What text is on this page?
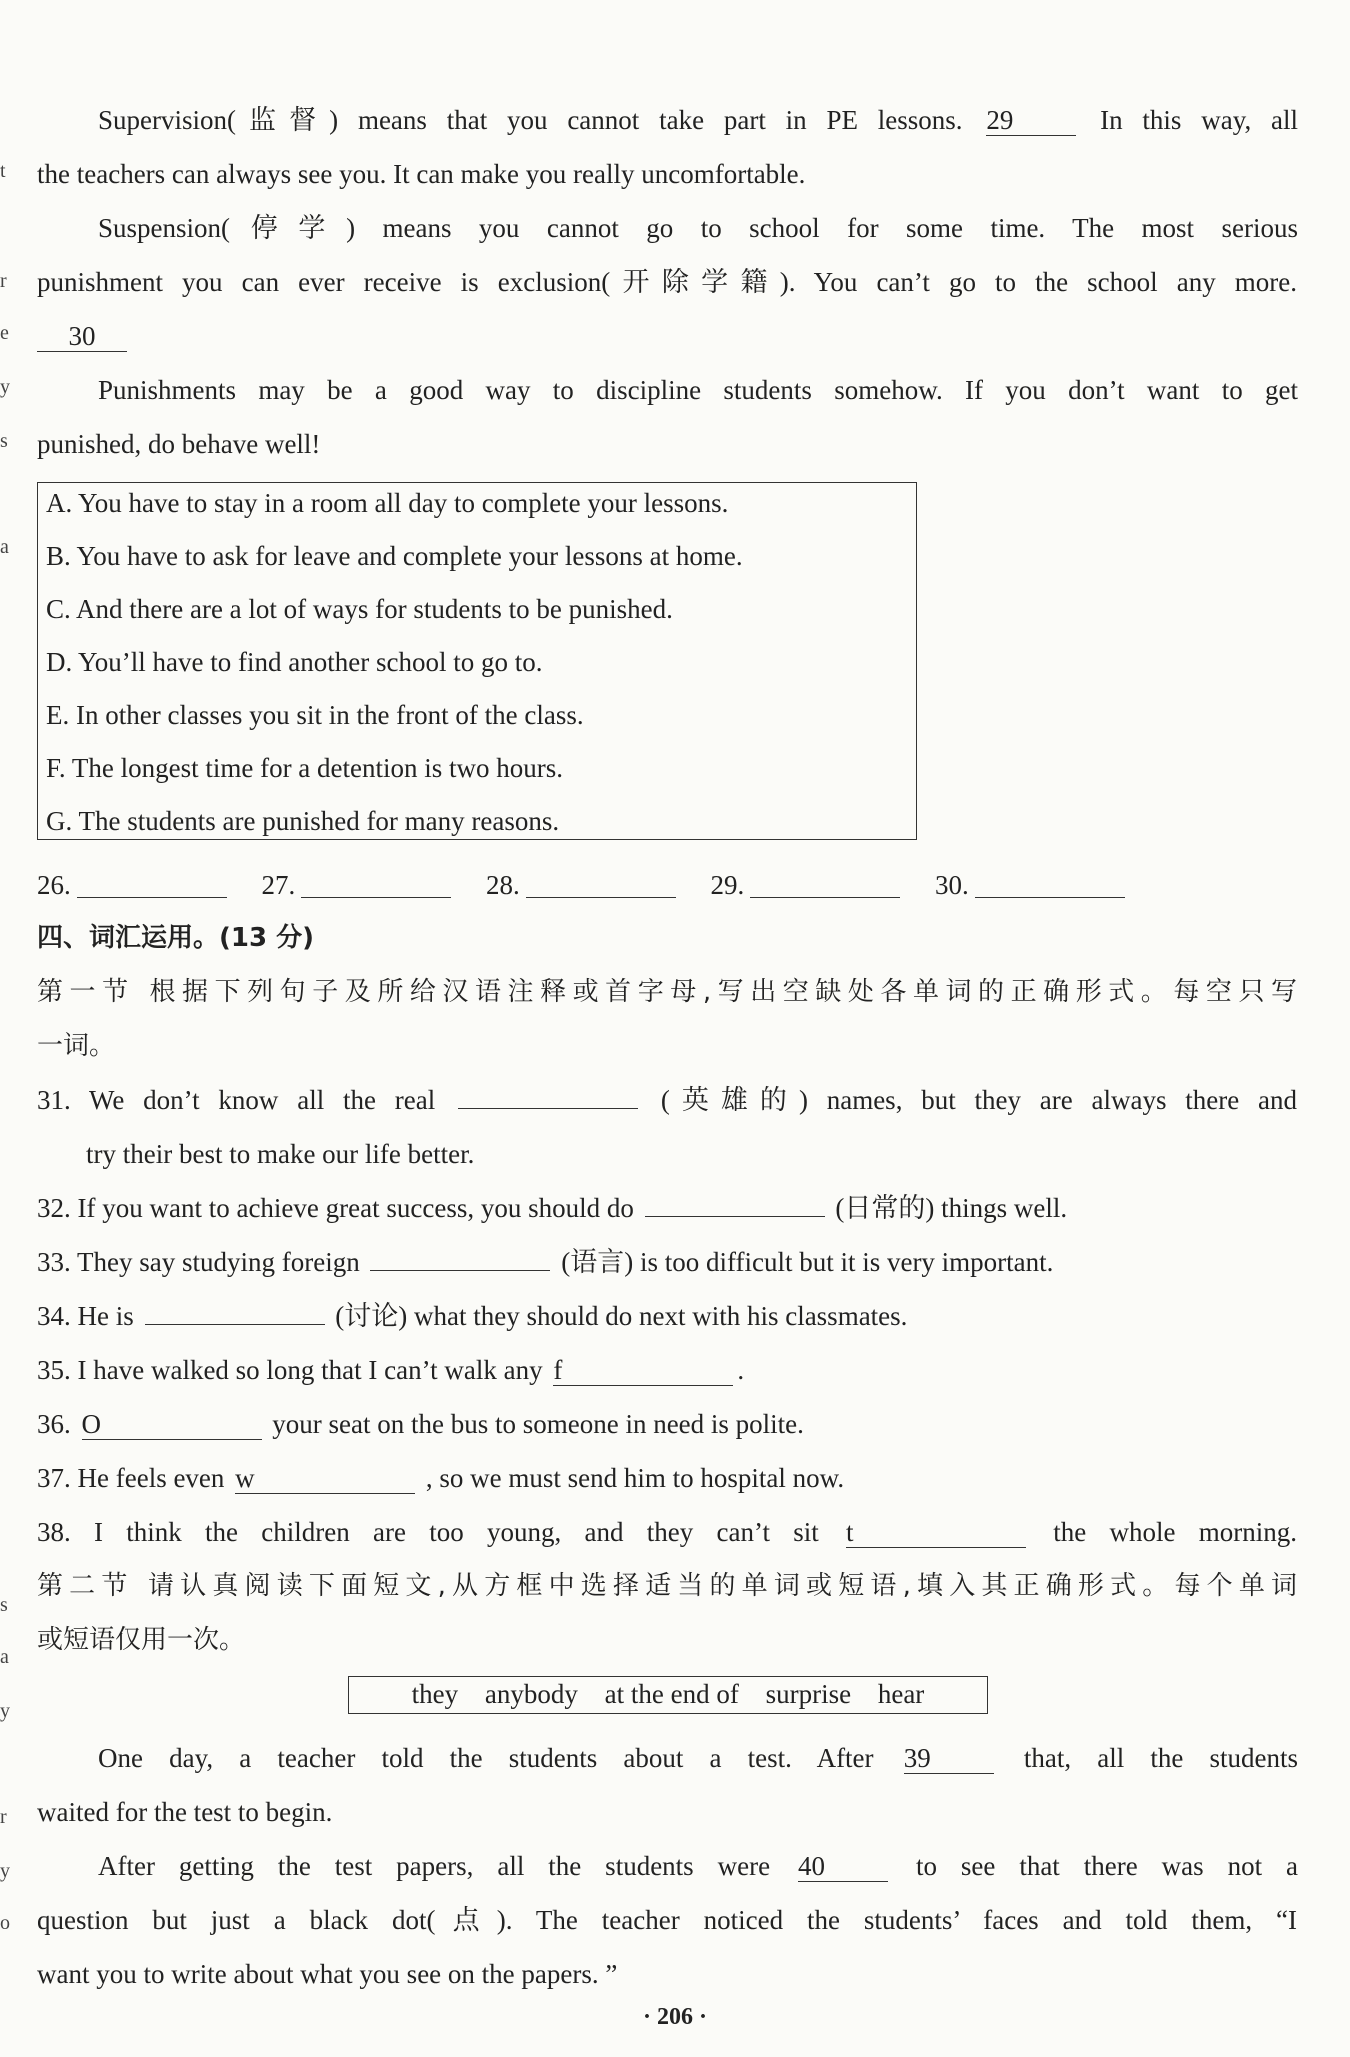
t
r
e
y
s
a
s
a
y
r
y
o
Supervision(监督) means that you cannot take part in PE lessons. 29	In this way, all
the teachers can always see you. It can make you really uncomfortable.
Suspension(停学) means you cannot go to school for some time. The most serious
punishment you can ever receive is exclusion(开除学籍). You can’t go to the school any more.
30
Punishments may be a good way to discipline students somehow. If you don’t want to get
punished, do behave well!
A. You have to stay in a room all day to complete your lessons.
B. You have to ask for leave and complete your lessons at home.
C. And there are a lot of ways for students to be punished.
D. You’ll have to find another school to go to.
E. In other classes you sit in the front of the class.
F. The longest time for a detention is two hours.
G. The students are punished for many reasons.
26.	27.	28.	29.	30.
四、词汇运用。(13 分)
第一节 根据下列句子及所给汉语注释或首字母,写出空缺处各单词的正确形式。每空只写
一词。
31. We don’t know all the real	(英雄的) names, but they are always there and
try their best to make our life better.
32. If you want to achieve great success, you should do	(日常的) things well.
33. They say studying foreign	(语言) is too difficult but it is very important.
34. He is	(讨论) what they should do next with his classmates.
35. I have walked so long that I can’t walk any f	.
36. O	your seat on the bus to someone in need is polite.
37. He feels even w	, so we must send him to hospital now.
38. I think the children are too young, and they can’t sit t	the whole morning.
第二节 请认真阅读下面短文,从方框中选择适当的单词或短语,填入其正确形式。每个单词
或短语仅用一次。
they anybody at the end of surprise hear
One day, a teacher told the students about a test. After 39	that, all the students
waited for the test to begin.
After getting the test papers, all the students were 40	to see that there was not a
question but just a black dot(点). The teacher noticed the students’ faces and told them, “I
want you to write about what you see on the papers. ”
· 206 ·
